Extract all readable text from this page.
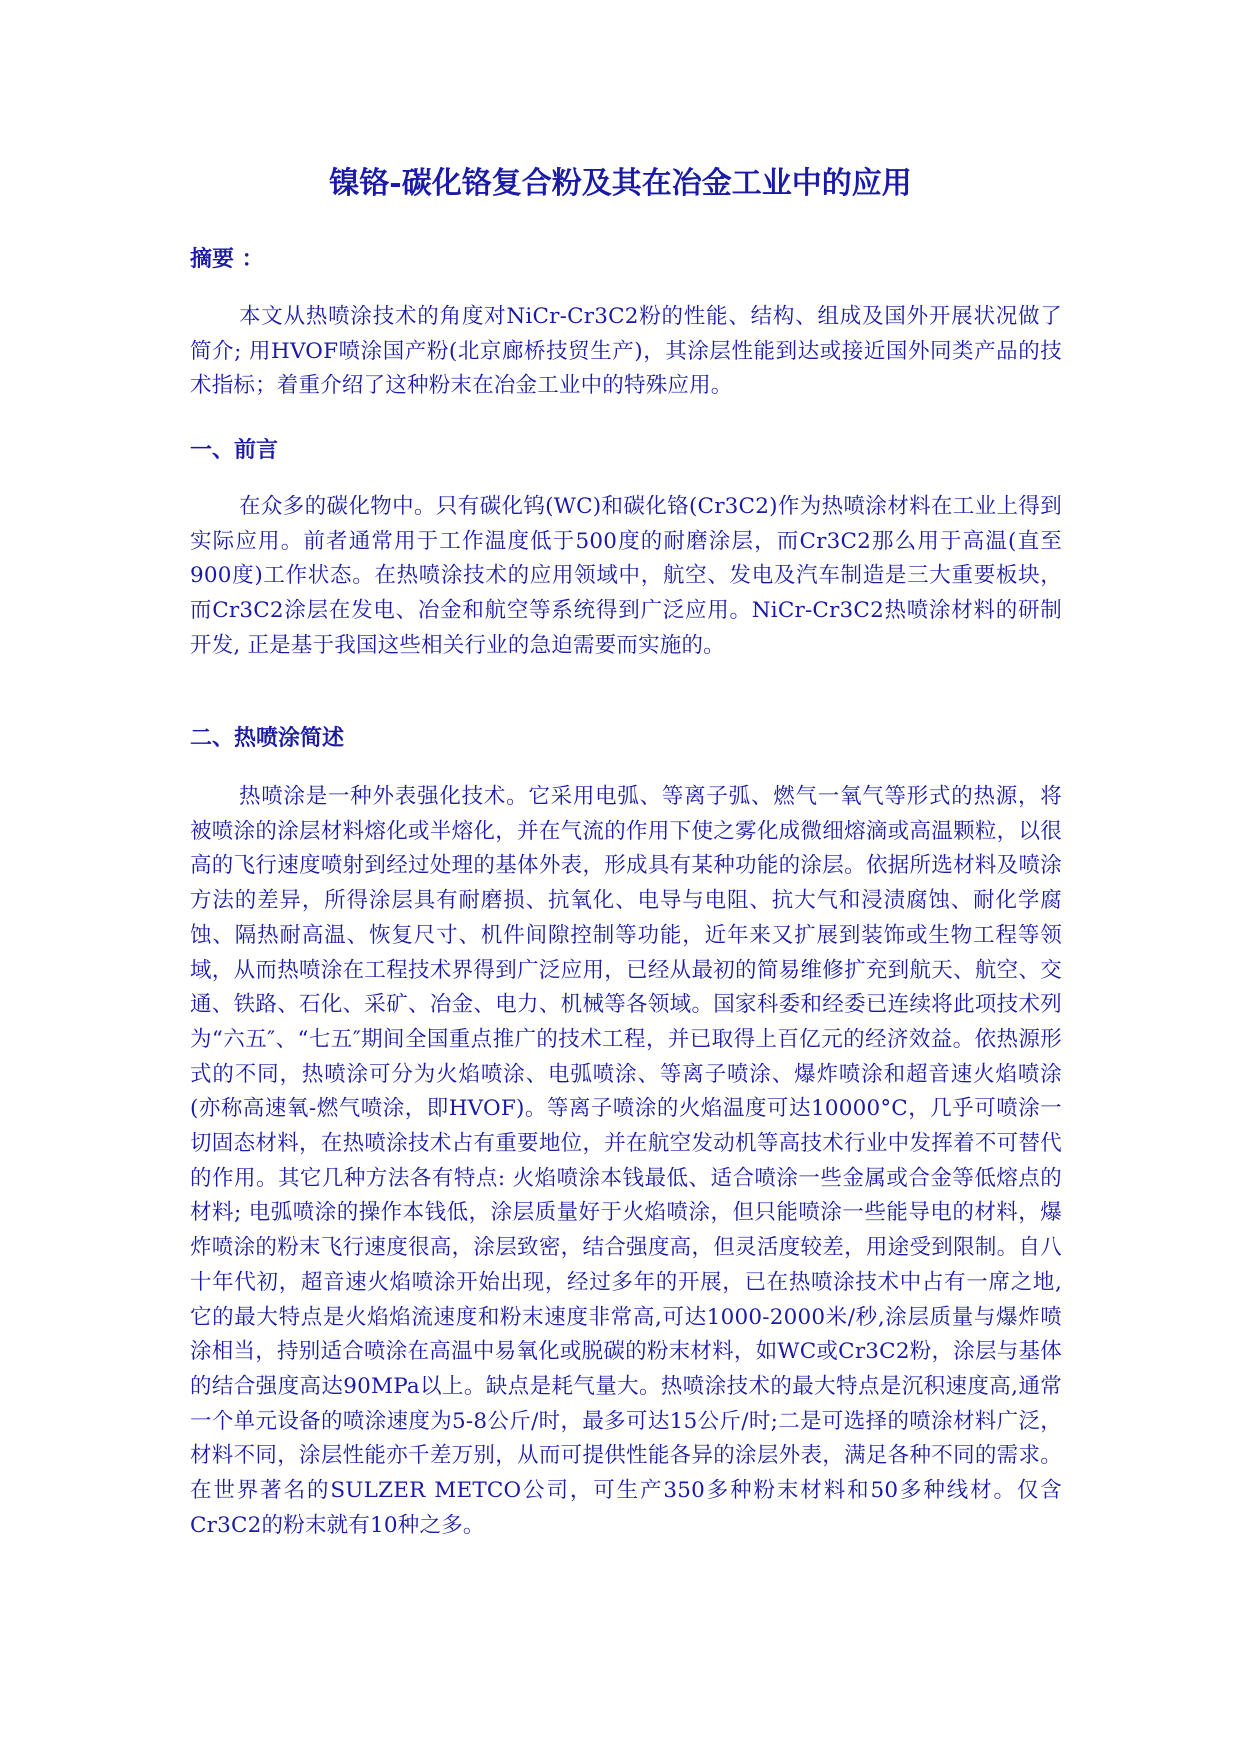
镍铬-碳化铬复合粉及其在冶金工业中的应用
摘要 ：
本文从热喷涂技术的角度对NiCr-Cr3C2粉的性能、结构、组成及国外开展状况做了简介; 用HVOF喷涂国产粉(北京廊桥技贸生产)，其涂层性能到达或接近国外同类产品的技术指标；着重介绍了这种粉末在冶金工业中的特殊应用。
一、前言
在众多的碳化物中。只有碳化钨(WC)和碳化铬(Cr3C2)作为热喷涂材料在工业上得到实际应用。前者通常用于工作温度低于500度的耐磨涂层，而Cr3C2那么用于高温(直至900度)工作状态。在热喷涂技术的应用领域中，航空、发电及汽车制造是三大重要板块，而Cr3C2涂层在发电、冶金和航空等系统得到广泛应用。NiCr-Cr3C2热喷涂材料的研制开发, 正是基于我国这些相关行业的急迫需要而实施的。
二、热喷涂简述
热喷涂是一种外表强化技术。它采用电弧、等离子弧、燃气一氧气等形式的热源，将被喷涂的涂层材料熔化或半熔化，并在气流的作用下使之雾化成微细熔滴或高温颗粒，以很高的飞行速度喷射到经过处理的基体外表，形成具有某种功能的涂层。依据所选材料及喷涂方法的差异，所得涂层具有耐磨损、抗氧化、电导与电阻、抗大气和浸渍腐蚀、耐化学腐蚀、隔热耐高温、恢复尺寸、机件间隙控制等功能，近年来又扩展到装饰或生物工程等领域，从而热喷涂在工程技术界得到广泛应用，已经从最初的简易维修扩充到航天、航空、交通、铁路、石化、采矿、冶金、电力、机械等各领域。国家科委和经委已连续将此项技术列为“六五″、“七五″期间全国重点推广的技术工程，并已取得上百亿元的经济效益。依热源形式的不同，热喷涂可分为火焰喷涂、电弧喷涂、等离子喷涂、爆炸喷涂和超音速火焰喷涂(亦称高速氧-燃气喷涂，即HVOF)。等离子喷涂的火焰温度可达10000°C，几乎可喷涂一切固态材料，在热喷涂技术占有重要地位，并在航空发动机等高技术行业中发挥着不可替代的作用。其它几种方法各有特点: 火焰喷涂本钱最低、适合喷涂一些金属或合金等低熔点的材料; 电弧喷涂的操作本钱低，涂层质量好于火焰喷涂，但只能喷涂一些能导电的材料，爆炸喷涂的粉末飞行速度很高，涂层致密，结合强度高，但灵活度较差，用途受到限制。自八十年代初，超音速火焰喷涂开始出现，经过多年的开展，已在热喷涂技术中占有一席之地,它的最大特点是火焰焰流速度和粉末速度非常高,可达1000-2000米/秒,涂层质量与爆炸喷涂相当，持别适合喷涂在高温中易氧化或脱碳的粉末材料，如WC或Cr3C2粉，涂层与基体的结合强度高达90MPa以上。缺点是耗气量大。热喷涂技术的最大特点是沉积速度高,通常一个单元设备的喷涂速度为5-8公斤/时，最多可达15公斤/时;二是可选择的喷涂材料广泛，材料不同，涂层性能亦千差万别，从而可提供性能各异的涂层外表，满足各种不同的需求。在世界著名的SULZER METCO公司，可生产350多种粉末材料和50多种线材。仅含Cr3C2的粉末就有10种之多。
